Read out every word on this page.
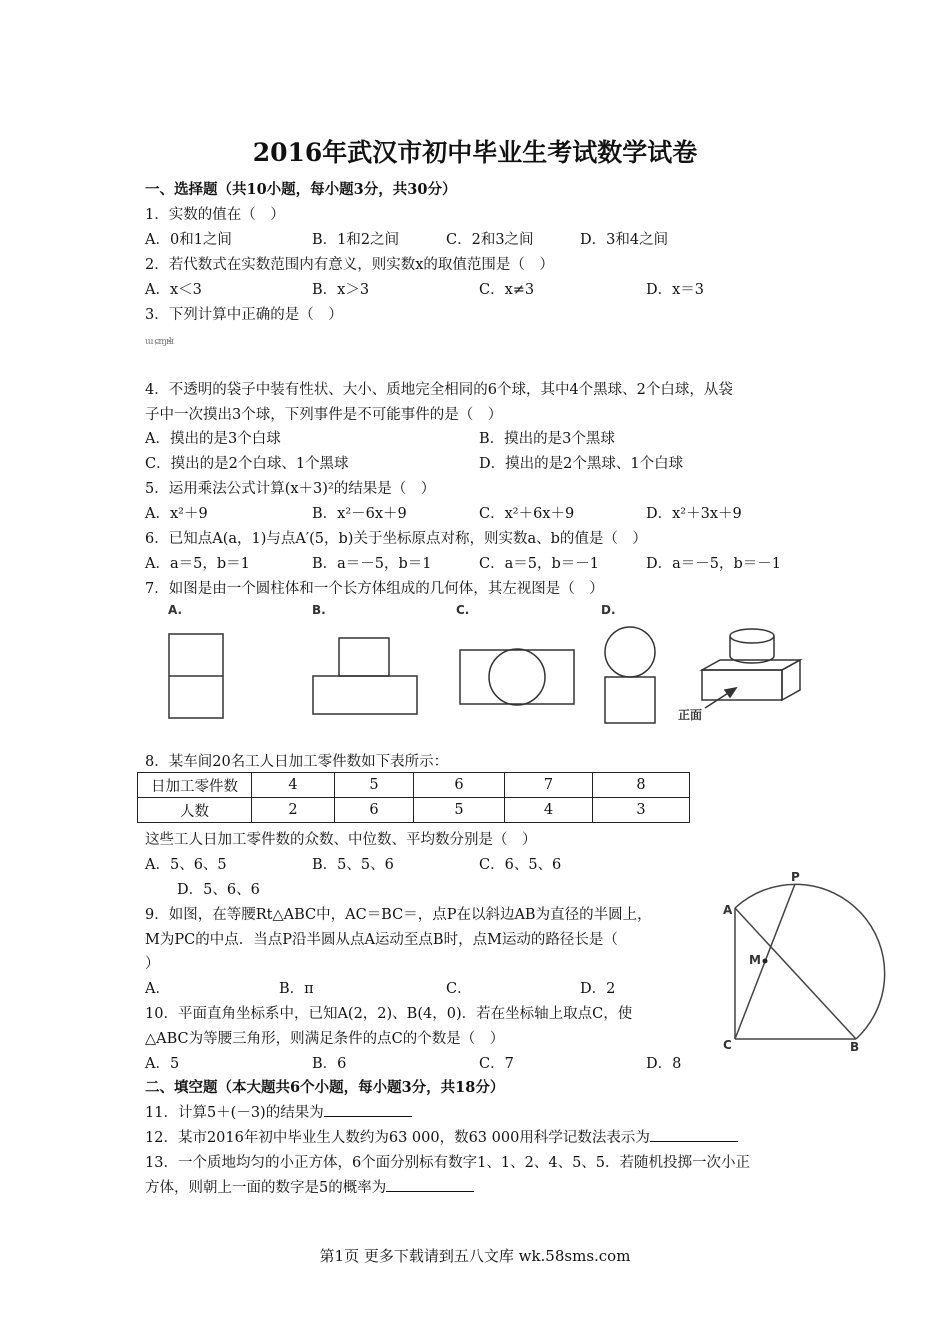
2016年武汉市初中毕业生考试数学试卷
一、选择题（共10小题，每小题3分，共30分）
1．实数的值在（　）
A．0和1之间	B．1和2之间	C．2和3之间	D．3和4之间
2．若代数式在实数范围内有意义，则实数x的取值范围是（　）
A．x＜3	B．x＞3	C．x≠3	D．x＝3
3．下列计算中正确的是（　）
ɯ ɕɱɪɬɪ
4．不透明的袋子中装有性状、大小、质地完全相同的6个球，其中4个黑球、2个白球，从袋
子中一次摸出3个球，下列事件是不可能事件的是（　）
A．摸出的是3个白球	B．摸出的是3个黑球
C．摸出的是2个白球、1个黑球	D．摸出的是2个黑球、1个白球
5．运用乘法公式计算(x＋3)²的结果是（　）
A．x²＋9	B．x²－6x＋9	C．x²＋6x＋9	D．x²＋3x＋9
6．已知点A(a，1)与点A′(5，b)关于坐标原点对称，则实数a、b的值是（　）
A．a＝5，b＝1	B．a＝－5，b＝1	C．a＝5，b＝－1	D．a＝－5，b＝－1
7．如图是由一个圆柱体和一个长方体组成的几何体，其左视图是（　）
A.	B.	C.	D.
正面
8．某车间20名工人日加工零件数如下表所示：
日加工零件数	4	5	6	7	8
人数	2	6	5	4	3
这些工人日加工零件数的众数、中位数、平均数分别是（　）
A．5、6、5	B．5、5、6	C．6、5、6
D．5、6、6
9．如图，在等腰Rt△ABC中，AC＝BC＝，点P在以斜边AB为直径的半圆上，
M为PC的中点．当点P沿半圆从点A运动至点B时，点M运动的路径长是（
）
A．	B．π	C．	D．2
P
A
M
C	B
10．平面直角坐标系中，已知A(2，2)、B(4，0)．若在坐标轴上取点C，使
△ABC为等腰三角形，则满足条件的点C的个数是（　）
A．5	B．6	C．7	D．8
二、填空题（本大题共6个小题，每小题3分，共18分）
11．计算5＋(－3)的结果为
12．某市2016年初中毕业生人数约为63 000，数63 000用科学记数法表示为
13．一个质地均匀的小正方体，6个面分别标有数字1、1、2、4、5、5．若随机投掷一次小正
方体，则朝上一面的数字是5的概率为
第1页 更多下载请到五八文库 wk.58sms.com
